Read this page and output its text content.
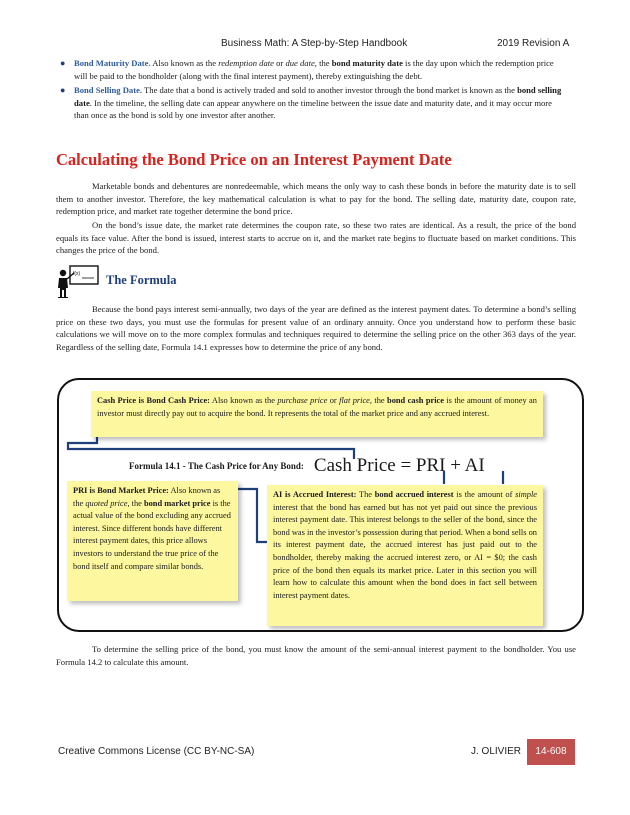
Business Math: A Step-by-Step Handbook	2019 Revision A
● Bond Maturity Date. Also known as the redemption date or due date, the bond maturity date is the day upon which the redemption price will be paid to the bondholder (along with the final interest payment), thereby extinguishing the debt.
● Bond Selling Date. The date that a bond is actively traded and sold to another investor through the bond market is known as the bond selling date. In the timeline, the selling date can appear anywhere on the timeline between the issue date and maturity date, and it may occur more than once as the bond is sold by one investor after another.
Calculating the Bond Price on an Interest Payment Date
Marketable bonds and debentures are nonredeemable, which means the only way to cash these bonds in before the maturity date is to sell them to another investor. Therefore, the key mathematical calculation is what to pay for the bond. The selling date, maturity date, coupon rate, redemption price, and market rate together determine the bond price.
On the bond’s issue date, the market rate determines the coupon rate, so these two rates are identical. As a result, the price of the bond equals its face value. After the bond is issued, interest starts to accrue on it, and the market rate begins to fluctuate based on market conditions. This changes the price of the bond.
f(x) The Formula
Because the bond pays interest semi-annually, two days of the year are defined as the interest payment dates. To determine a bond’s selling price on these two days, you must use the formulas for present value of an ordinary annuity. Once you understand how to perform these basic calculations we will move on to the more complex formulas and techniques required to determine the selling price on the other 363 days of the year. Regardless of the selling date, Formula 14.1 expresses how to determine the price of any bond.
Cash Price is Bond Cash Price: Also known as the purchase price or flat price, the bond cash price is the amount of money an investor must directly pay out to acquire the bond. It represents the total of the market price and any accrued interest.
Formula 14.1 - The Cash Price for Any Bond: Cash Price = PRI + AI
PRI is Bond Market Price: Also known as the quoted price, the bond market price is the actual value of the bond excluding any accrued interest. Since different bonds have different interest payment dates, this price allows investors to understand the true price of the bond itself and compare similar bonds.
AI is Accrued Interest: The bond accrued interest is the amount of simple interest that the bond has earned but has not yet paid out since the previous interest payment date. This interest belongs to the seller of the bond, since the bond was in the investor’s possession during that period. When a bond sells on its interest payment date, the accrued interest has just paid out to the bondholder, thereby making the accrued interest zero, or AI = $0; the cash price of the bond then equals its market price. Later in this section you will learn how to calculate this amount when the bond does in fact sell between interest payment dates.
To determine the selling price of the bond, you must know the amount of the semi-annual interest payment to the bondholder. You use Formula 14.2 to calculate this amount.
Creative Commons License (CC BY-NC-SA)	J. OLIVIER	14-608
